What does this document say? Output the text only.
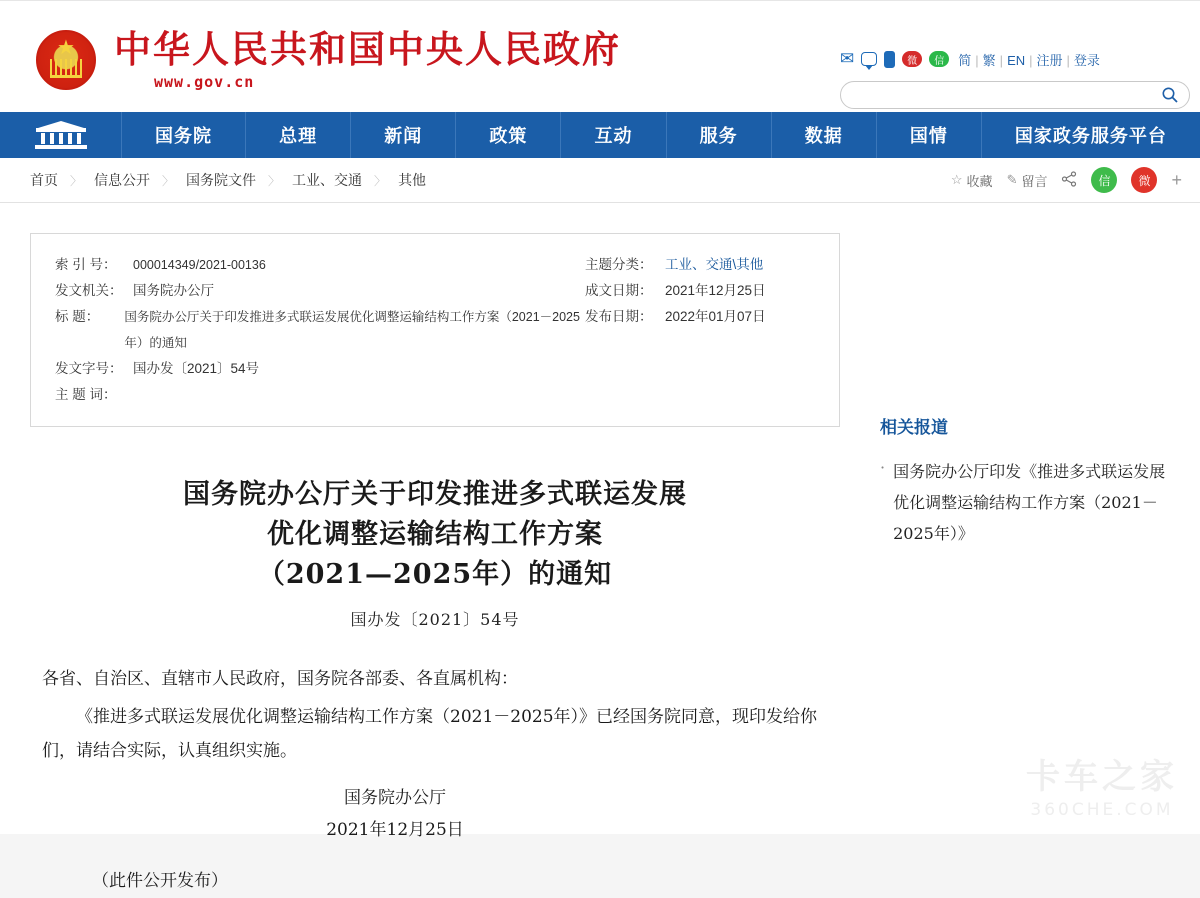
★
中华人民共和国中央人民政府
www.gov.cn
✉	微	信	简 | 繁 | EN | 注册 | 登录
国务院	总理	新闻	政策	互动	服务	数据	国情	国家政务服务平台
首页 〉 信息公开 〉 国务院文件 〉 工业、交通 〉 其他	☆ 收藏 ✎ 留言	信	微	+
索 引 号：	000014349/2021-00136
发文机关： 国务院办公厅
标 题：	国务院办公厅关于印发推进多式联运发展优化调整运输结构工作方案（2021－2025年）的通知
发文字号： 国办发〔2021〕54号
主 题 词：
主题分类： 工业、交通\其他
成文日期： 2021年12月25日
发布日期： 2022年01月07日
国务院办公厅关于印发推进多式联运发展
优化调整运输结构工作方案
（2021—2025年）的通知
国办发〔2021〕54号

各省、自治区、直辖市人民政府，国务院各部委、各直属机构：

《推进多式联运发展优化调整运输结构工作方案（2021－2025年）》已经国务院同意，现印发给你们，请结合实际，认真组织实施。

国务院办公厅
2021年12月25日
（此件公开发布）
相关报道
· 国务院办公厅印发《推进多式联运发展优化调整运输结构工作方案（2021－2025年）》
卡车之家
360CHE.COM
